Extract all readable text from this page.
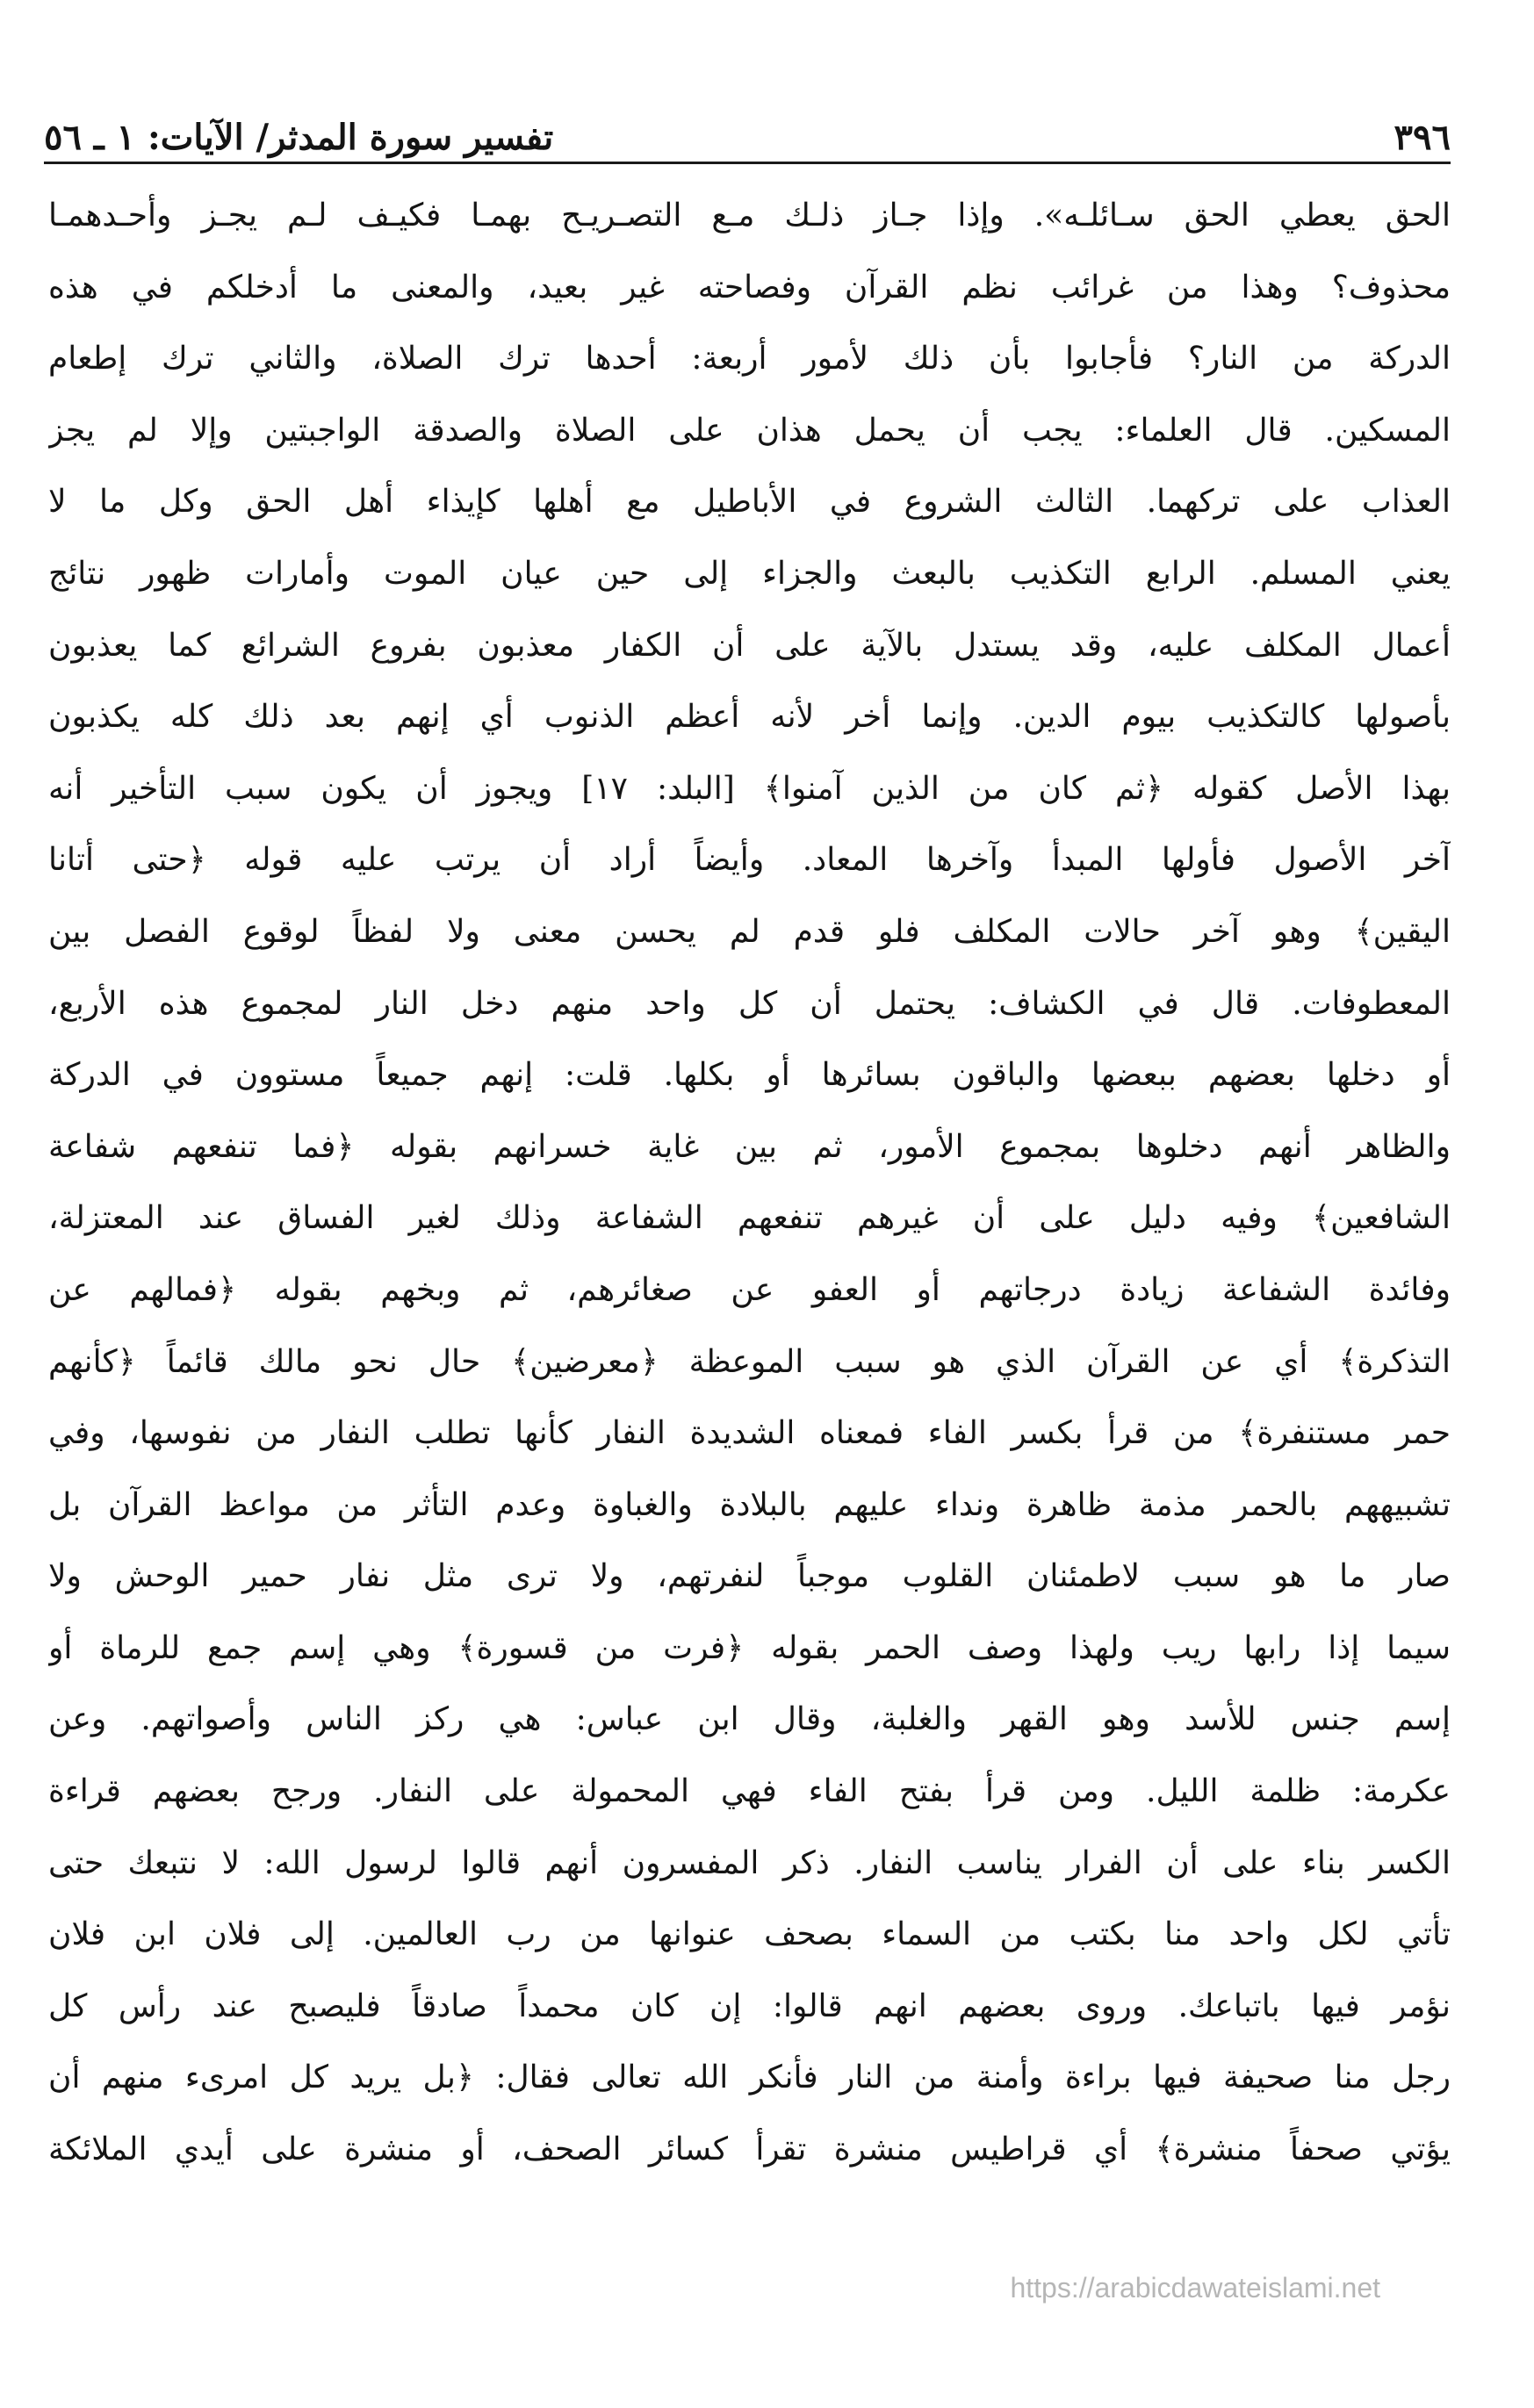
٣٩٦
تفسير سورة المدثر/ الآيات: ١ ـ ٥٦
الحق يعطي الحق سـائلـه». وإذا جـاز ذلـك مـع التصـريـح بهمـا فكيـف لـم يجـز وأحـدهمـا
محذوف؟ وهذا من غرائب نظم القرآن وفصاحته غير بعيد، والمعنى ما أدخلكم في هذه
الدركة من النار؟ فأجابوا بأن ذلك لأمور أربعة: أحدها ترك الصلاة، والثاني ترك إطعام
المسكين. قال العلماء: يجب أن يحمل هذان على الصلاة والصدقة الواجبتين وإلا لم يجز
العذاب على تركهما. الثالث الشروع في الأباطيل مع أهلها كإيذاء أهل الحق وكل ما لا
يعني المسلم. الرابع التكذيب بالبعث والجزاء إلى حين عيان الموت وأمارات ظهور نتائج
أعمال المكلف عليه، وقد يستدل بالآية على أن الكفار معذبون بفروع الشرائع كما يعذبون
بأصولها كالتكذيب بيوم الدين. وإنما أخر لأنه أعظم الذنوب أي إنهم بعد ذلك كله يكذبون
بهذا الأصل كقوله ﴿ثم كان من الذين آمنوا﴾ [البلد: ١٧] ويجوز أن يكون سبب التأخير أنه
آخر الأصول فأولها المبدأ وآخرها المعاد. وأيضاً أراد أن يرتب عليه قوله ﴿حتى أتانا
اليقين﴾ وهو آخر حالات المكلف فلو قدم لم يحسن معنى ولا لفظاً لوقوع الفصل بين
المعطوفات. قال في الكشاف: يحتمل أن كل واحد منهم دخل النار لمجموع هذه الأربع،
أو دخلها بعضهم ببعضها والباقون بسائرها أو بكلها. قلت: إنهم جميعاً مستوون في الدركة
والظاهر أنهم دخلوها بمجموع الأمور، ثم بين غاية خسرانهم بقوله ﴿فما تنفعهم شفاعة
الشافعين﴾ وفيه دليل على أن غيرهم تنفعهم الشفاعة وذلك لغير الفساق عند المعتزلة،
وفائدة الشفاعة زيادة درجاتهم أو العفو عن صغائرهم، ثم وبخهم بقوله ﴿فمالهم عن
التذكرة﴾ أي عن القرآن الذي هو سبب الموعظة ﴿معرضين﴾ حال نحو مالك قائماً ﴿كأنهم
حمر مستنفرة﴾ من قرأ بكسر الفاء فمعناه الشديدة النفار كأنها تطلب النفار من نفوسها، وفي
تشبيههم بالحمر مذمة ظاهرة ونداء عليهم بالبلادة والغباوة وعدم التأثر من مواعظ القرآن بل
صار ما هو سبب لاطمئنان القلوب موجباً لنفرتهم، ولا ترى مثل نفار حمير الوحش ولا
سيما إذا رابها ريب ولهذا وصف الحمر بقوله ﴿فرت من قسورة﴾ وهي إسم جمع للرماة أو
إسم جنس للأسد وهو القهر والغلبة، وقال ابن عباس: هي ركز الناس وأصواتهم. وعن
عكرمة: ظلمة الليل. ومن قرأ بفتح الفاء فهي المحمولة على النفار. ورجح بعضهم قراءة
الكسر بناء على أن الفرار يناسب النفار. ذكر المفسرون أنهم قالوا لرسول الله: لا نتبعك حتى
تأتي لكل واحد منا بكتب من السماء بصحف عنوانها من رب العالمين. إلى فلان ابن فلان
نؤمر فيها باتباعك. وروى بعضهم انهم قالوا: إن كان محمداً صادقاً فليصبح عند رأس كل
رجل منا صحيفة فيها براءة وأمنة من النار فأنكر الله تعالى فقال: ﴿بل يريد كل امرىء منهم أن
يؤتي صحفاً منشرة﴾ أي قراطيس منشرة تقرأ كسائر الصحف، أو منشرة على أيدي الملائكة
https://arabicdawateislami.net
